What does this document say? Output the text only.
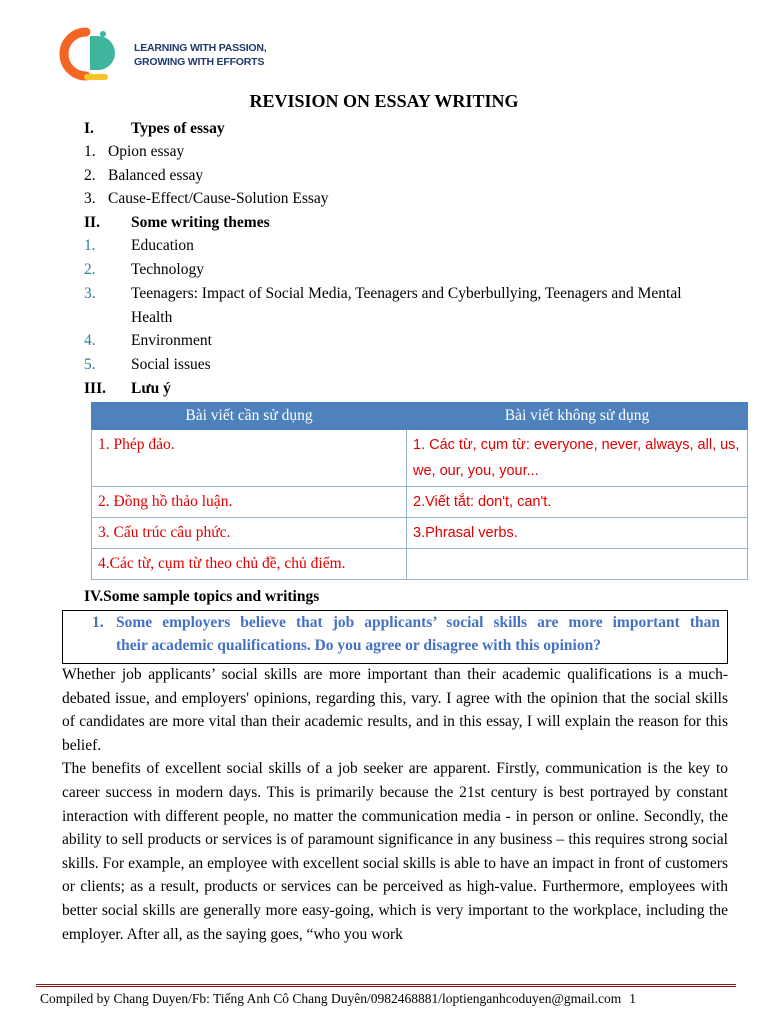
CD
LEARNING WITH PASSION,
GROWING WITH EFFORTS
REVISION ON ESSAY WRITING
I. Types of essay
1. Opion essay
2. Balanced essay
3. Cause-Effect/Cause-Solution Essay
II. Some writing themes
1. Education
2. Technology
3. Teenagers: Impact of Social Media, Teenagers and Cyberbullying, Teenagers and Mental
Health
4. Environment
5. Social issues
III. Lưu ý
Bài viết cần sử dụng	Bài viết không sử dụng
1. Phép đảo.	1. Các từ, cụm từ: everyone, never, always, all, us, we, our, you, your...
2. Đồng hồ thảo luận.	2.Viết tắt: don't, can't.
3. Cấu trúc câu phức.	3.Phrasal verbs.
4.Các từ, cụm từ theo chủ đề, chủ điểm.	
IV.Some sample topics and writings
1. Some employers believe that job applicants’ social skills are more important than
their academic qualifications. Do you agree or disagree with this opinion?

Whether job applicants’ social skills are more important than their academic qualifications is a much-debated issue, and employers' opinions, regarding this, vary. I agree with the opinion that the social skills of candidates are more vital than their academic results, and in this essay, I will explain the reason for this belief.

The benefits of excellent social skills of a job seeker are apparent. Firstly, communication is the key to career success in modern days. This is primarily because the 21st century is best portrayed by constant interaction with different people, no matter the communication media - in person or online. Secondly, the ability to sell products or services is of paramount significance in any business – this requires strong social skills. For example, an employee with excellent social skills is able to have an impact in front of customers or clients; as a result, products or services can be perceived as high-value. Furthermore, employees with better social skills are generally more easy-going, which is very important to the workplace, including the employer. After all, as the saying goes, “who you work

Compiled by Chang Duyen/Fb: Tiếng Anh Cô Chang Duyên/0982468881/loptienganhcoduyen@gmail.com 1
